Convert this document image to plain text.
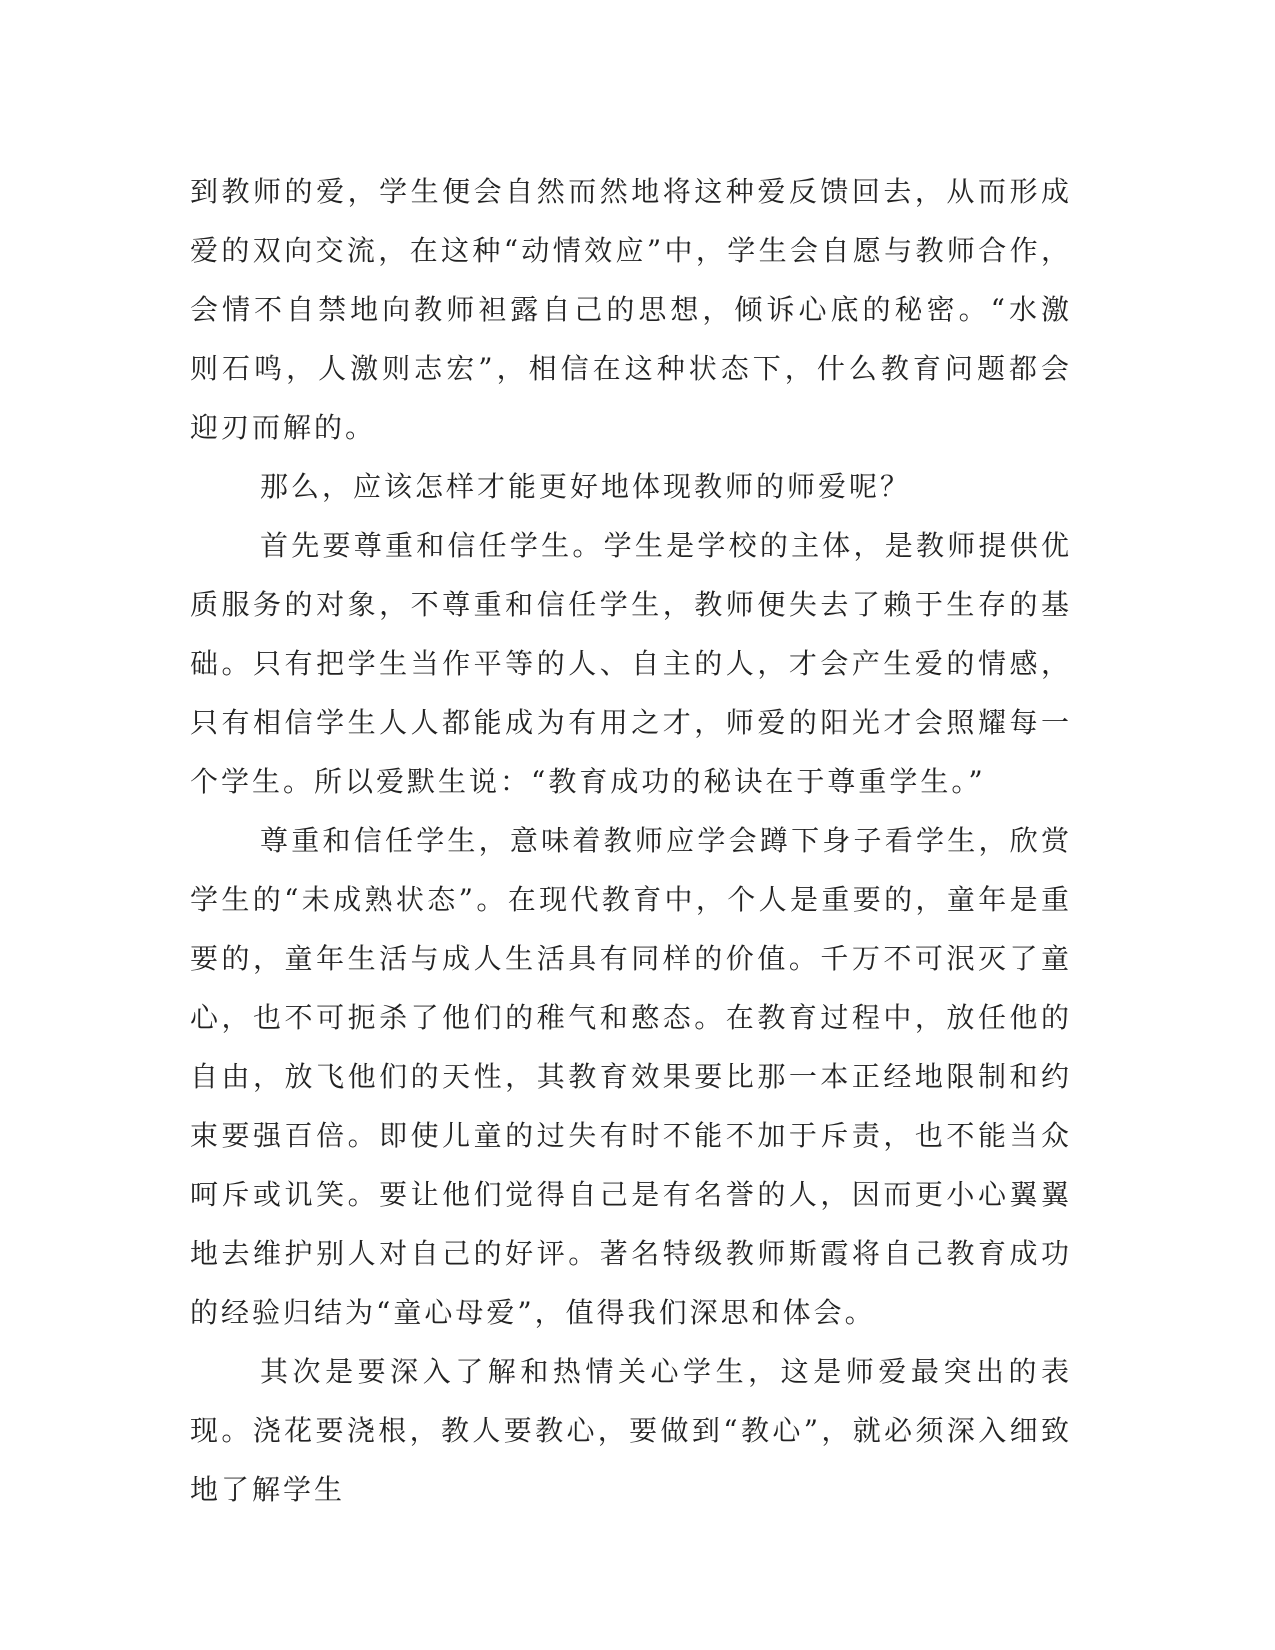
到教师的爱，学生便会自然而然地将这种爱反馈回去，从而形成爱的双向交流，在这种“动情效应”中，学生会自愿与教师合作，会情不自禁地向教师袒露自己的思想，倾诉心底的秘密。“水激则石鸣，人激则志宏”，相信在这种状态下，什么教育问题都会迎刃而解的。

那么，应该怎样才能更好地体现教师的师爱呢？

首先要尊重和信任学生。学生是学校的主体，是教师提供优质服务的对象，不尊重和信任学生，教师便失去了赖于生存的基础。只有把学生当作平等的人、自主的人，才会产生爱的情感，只有相信学生人人都能成为有用之才，师爱的阳光才会照耀每一个学生。所以爱默生说：“教育成功的秘诀在于尊重学生。”

尊重和信任学生，意味着教师应学会蹲下身子看学生，欣赏学生的“未成熟状态”。在现代教育中，个人是重要的，童年是重要的，童年生活与成人生活具有同样的价值。千万不可泯灭了童心，也不可扼杀了他们的稚气和憨态。在教育过程中，放任他的自由，放飞他们的天性，其教育效果要比那一本正经地限制和约束要强百倍。即使儿童的过失有时不能不加于斥责，也不能当众呵斥或讥笑。要让他们觉得自己是有名誉的人，因而更小心翼翼地去维护别人对自己的好评。著名特级教师斯霞将自己教育成功的经验归结为“童心母爱”，值得我们深思和体会。

其次是要深入了解和热情关心学生，这是师爱最突出的表现。浇花要浇根，教人要教心，要做到“教心”，就必须深入细致地了解学生
